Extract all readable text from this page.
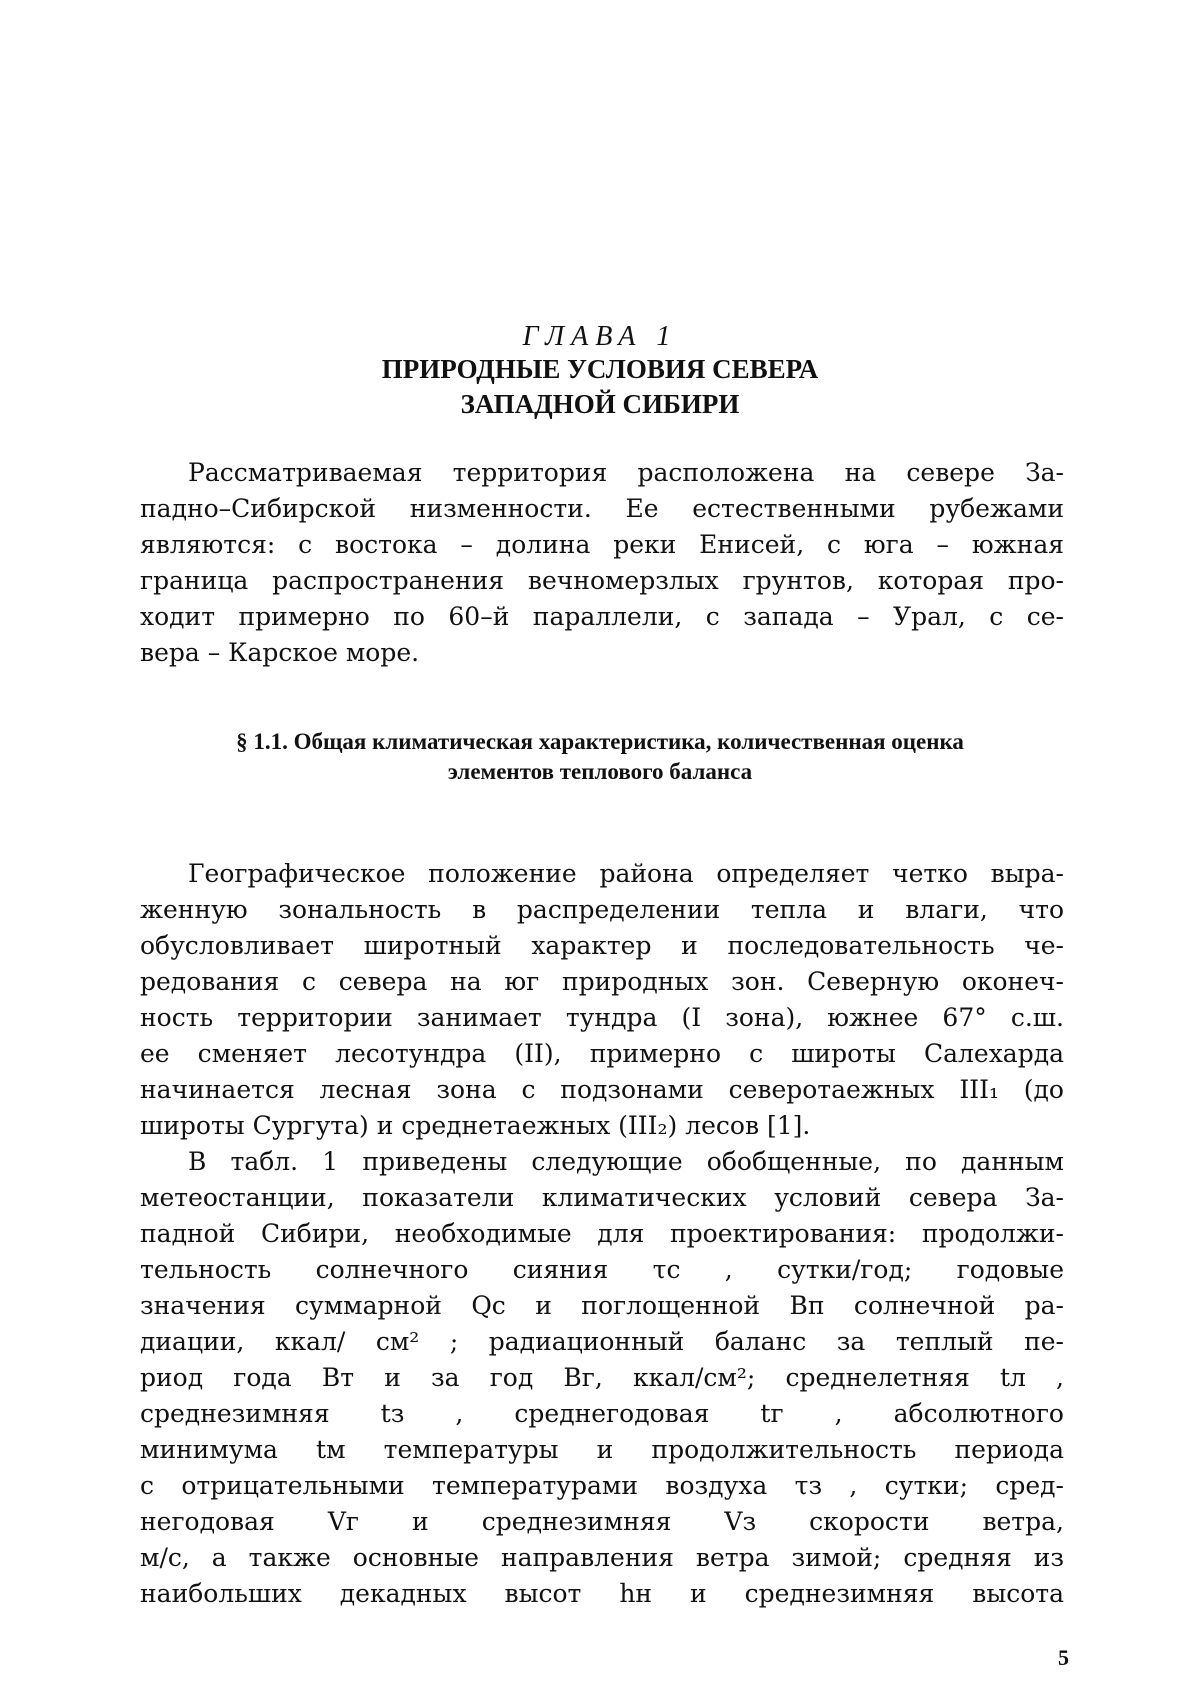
ГЛАВА 1
ПРИРОДНЫЕ УСЛОВИЯ СЕВЕРА
ЗАПАДНОЙ СИБИРИ
Рассматриваемая территория расположена на севере За-
падно–Сибирской низменности. Ее естественными рубежами
являются: с востока – долина реки Енисей, с юга – южная
граница распространения вечномерзлых грунтов, которая про-
ходит примерно по 60–й параллели, с запада – Урал, с се-
вера – Карское море.
§ 1.1. Общая климатическая характеристика, количественная оценка
элементов теплового баланса
Географическое положение района определяет четко выра-
женную зональность в распределении тепла и влаги, что
обусловливает широтный характер и последовательность че-
редования с севера на юг природных зон. Северную оконеч-
ность территории занимает тундра (I зона), южнее 67° с.ш.
ее сменяет лесотундра (II), примерно с широты Салехарда
начинается лесная зона с подзонами северотаежных III₁ (до
широты Сургута) и среднетаежных (III₂) лесов [1].
В табл. 1 приведены следующие обобщенные, по данным
метеостанции, показатели климатических условий севера За-
падной Сибири, необходимые для проектирования: продолжи-
тельность солнечного сияния τс , сутки/год; годовые
значения суммарной Qс и поглощенной Bп солнечной ра-
диации, ккал/ см² ; радиационный баланс за теплый пе-
риод года Bт и за год Bг, ккал/см²; среднелетняя tл ,
среднезимняя tз , среднегодовая tг , абсолютного
минимума tм температуры и продолжительность периода
с отрицательными температурами воздуха τз , сутки; сред-
негодовая Vг и среднезимняя Vз скорости ветра,
м/с, а также основные направления ветра зимой; средняя из
наибольших декадных высот hн и среднезимняя высота
5
